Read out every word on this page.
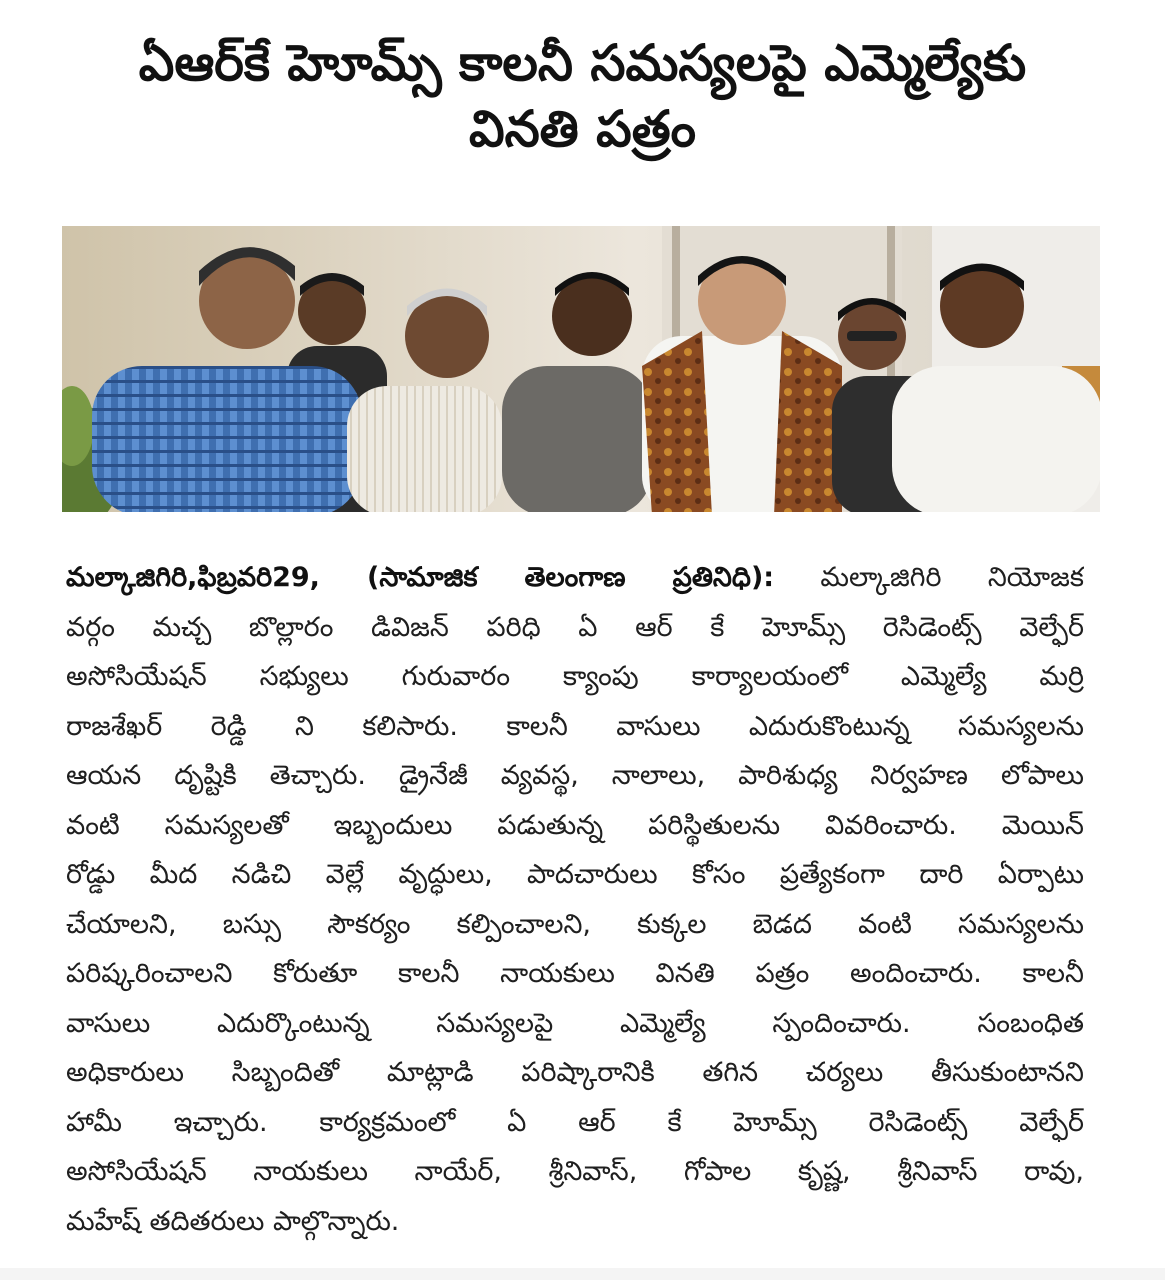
ఏఆర్‌కే హెూమ్స్ కాలనీ సమస్యలపై ఎమ్మెల్యేకు
వినతి పత్రం
మల్కాజిగిరి,ఫిబ్రవరి29, (సామాజిక తెలంగాణ ప్రతినిధి): మల్కాజిగిరి నియోజక
వర్గం మచ్చ బొల్లారం డివిజన్ పరిధి ఏ ఆర్ కే హెూమ్స్ రెసిడెంట్స్ వెల్ఫేర్
అసోసియేషన్ సభ్యులు గురువారం క్యాంపు కార్యాలయంలో ఎమ్మెల్యే మర్రి
రాజశేఖర్ రెడ్డి ని కలిసారు. కాలనీ వాసులు ఎదురుకొంటున్న సమస్యలను
ఆయన దృష్టికి తెచ్చారు. డ్రైనేజీ వ్యవస్థ, నాలాలు, పారిశుధ్య నిర్వహణ లోపాలు
వంటి సమస్యలతో ఇబ్బందులు పడుతున్న పరిస్థితులను వివరించారు. మెయిన్
రోడ్డు మీద నడిచి వెల్లే వృద్ధులు, పాదచారులు కోసం ప్రత్యేకంగా దారి ఏర్పాటు
చేయాలని, బస్సు సౌకర్యం కల్పించాలని, కుక్కల బెడద వంటి సమస్యలను
పరిష్కరించాలని కోరుతూ కాలనీ నాయకులు వినతి పత్రం అందించారు. కాలనీ
వాసులు ఎదుర్కొంటున్న సమస్యలపై ఎమ్మెల్యే స్పందించారు. సంబంధిత
అధికారులు సిబ్బందితో మాట్లాడి పరిష్కారానికి తగిన చర్యలు తీసుకుంటానని
హామీ ఇచ్చారు. కార్యక్రమంలో ఏ ఆర్ కే హెూమ్స్ రెసిడెంట్స్ వెల్ఫేర్
అసోసియేషన్ నాయకులు నాయేర్, శ్రీనివాస్, గోపాల కృష్ణ, శ్రీనివాస్ రావు,
మహేష్ తదితరులు పాల్గొన్నారు.
